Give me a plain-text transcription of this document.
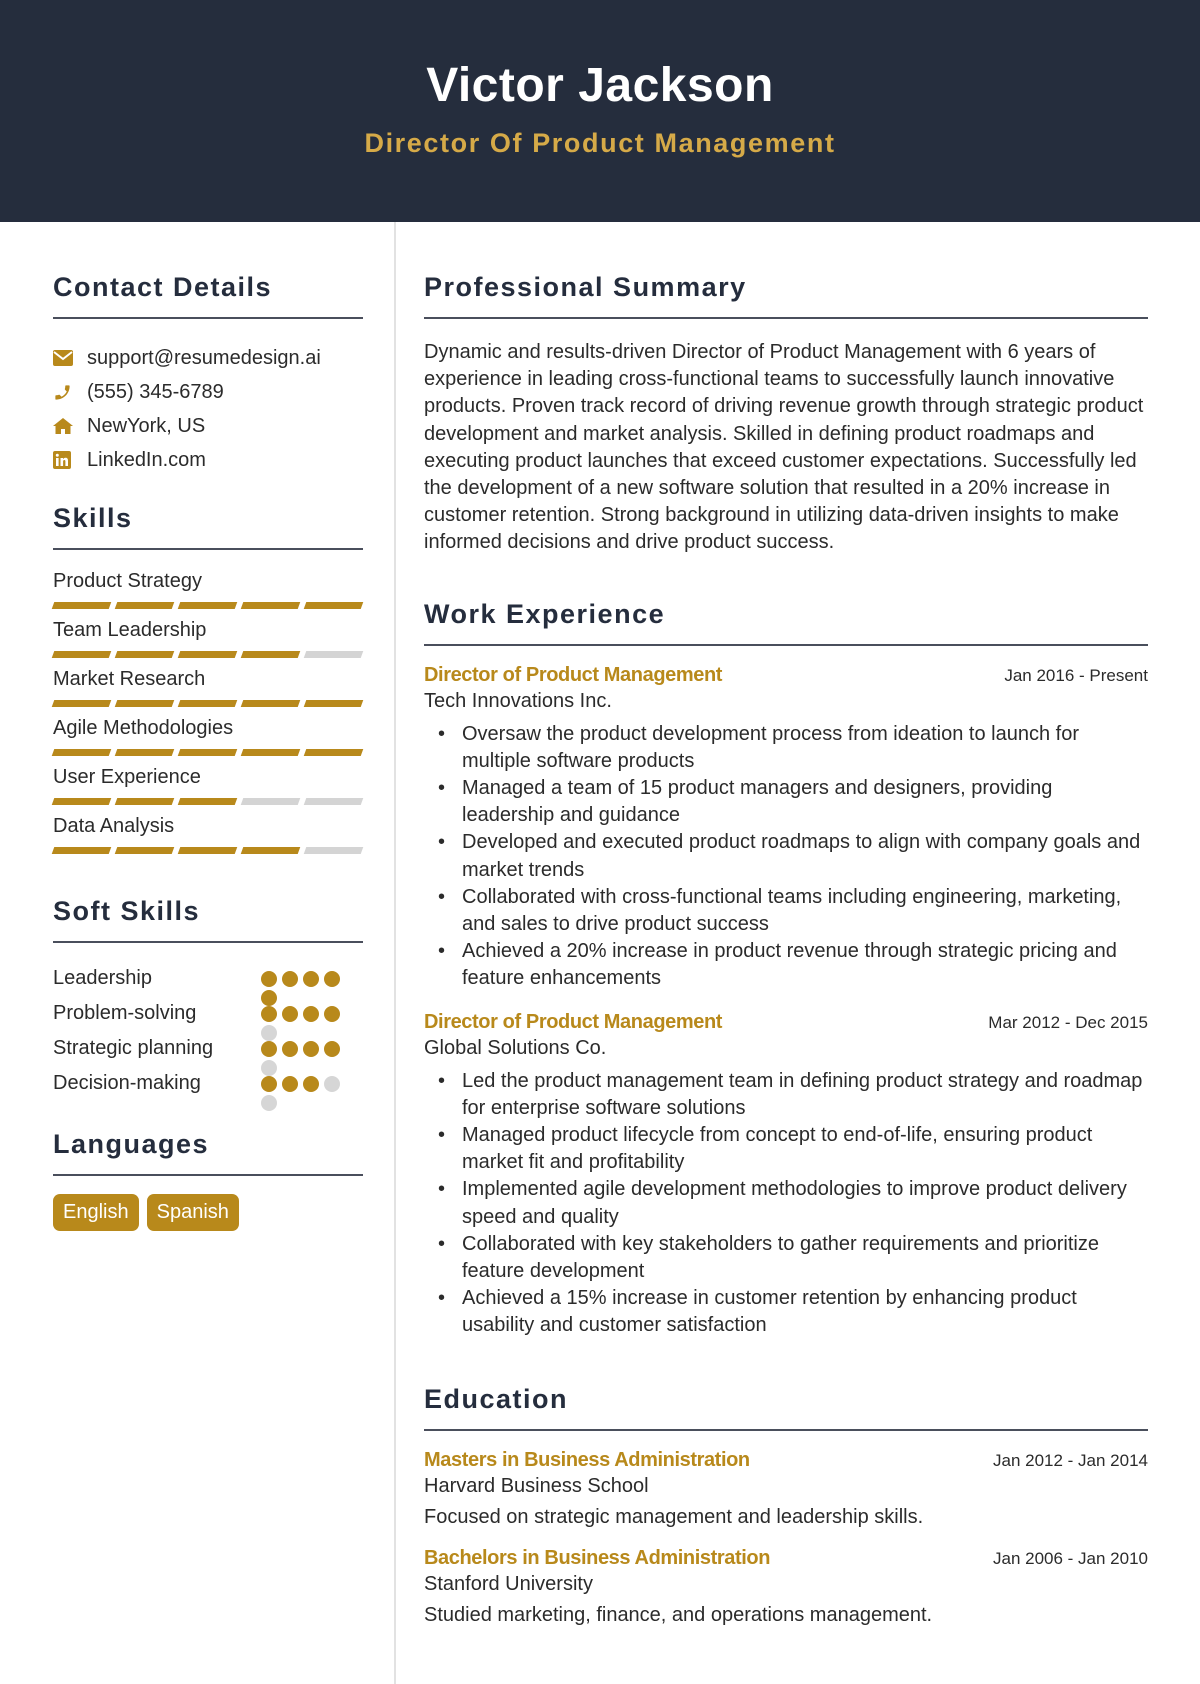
Victor Jackson
Director Of Product Management
Contact Details
support@resumedesign.ai
(555) 345-6789
NewYork, US
LinkedIn.com
Skills
Product Strategy
Team Leadership
Market Research
Agile Methodologies
User Experience
Data Analysis
Soft Skills
Leadership
Problem-solving
Strategic planning
Decision-making
Languages
English	Spanish
Professional Summary

Dynamic and results-driven Director of Product Management with 6 years of experience in leading cross-functional teams to successfully launch innovative products. Proven track record of driving revenue growth through strategic product development and market analysis. Skilled in defining product roadmaps and executing product launches that exceed customer expectations. Successfully led the development of a new software solution that resulted in a 20% increase in customer retention. Strong background in utilizing data-driven insights to make informed decisions and drive product success.

Work Experience
Director of Product Management	Jan 2016 - Present
Tech Innovations Inc.
• Oversaw the product development process from ideation to launch for multiple software products
• Managed a team of 15 product managers and designers, providing leadership and guidance
• Developed and executed product roadmaps to align with company goals and market trends
• Collaborated with cross-functional teams including engineering, marketing, and sales to drive product success
• Achieved a 20% increase in product revenue through strategic pricing and feature enhancements
Director of Product Management	Mar 2012 - Dec 2015
Global Solutions Co.
• Led the product management team in defining product strategy and roadmap for enterprise software solutions
• Managed product lifecycle from concept to end-of-life, ensuring product market fit and profitability
• Implemented agile development methodologies to improve product delivery speed and quality
• Collaborated with key stakeholders to gather requirements and prioritize feature development
• Achieved a 15% increase in customer retention by enhancing product usability and customer satisfaction
Education
Masters in Business Administration	Jan 2012 - Jan 2014
Harvard Business School
Focused on strategic management and leadership skills.
Bachelors in Business Administration	Jan 2006 - Jan 2010
Stanford University
Studied marketing, finance, and operations management.
